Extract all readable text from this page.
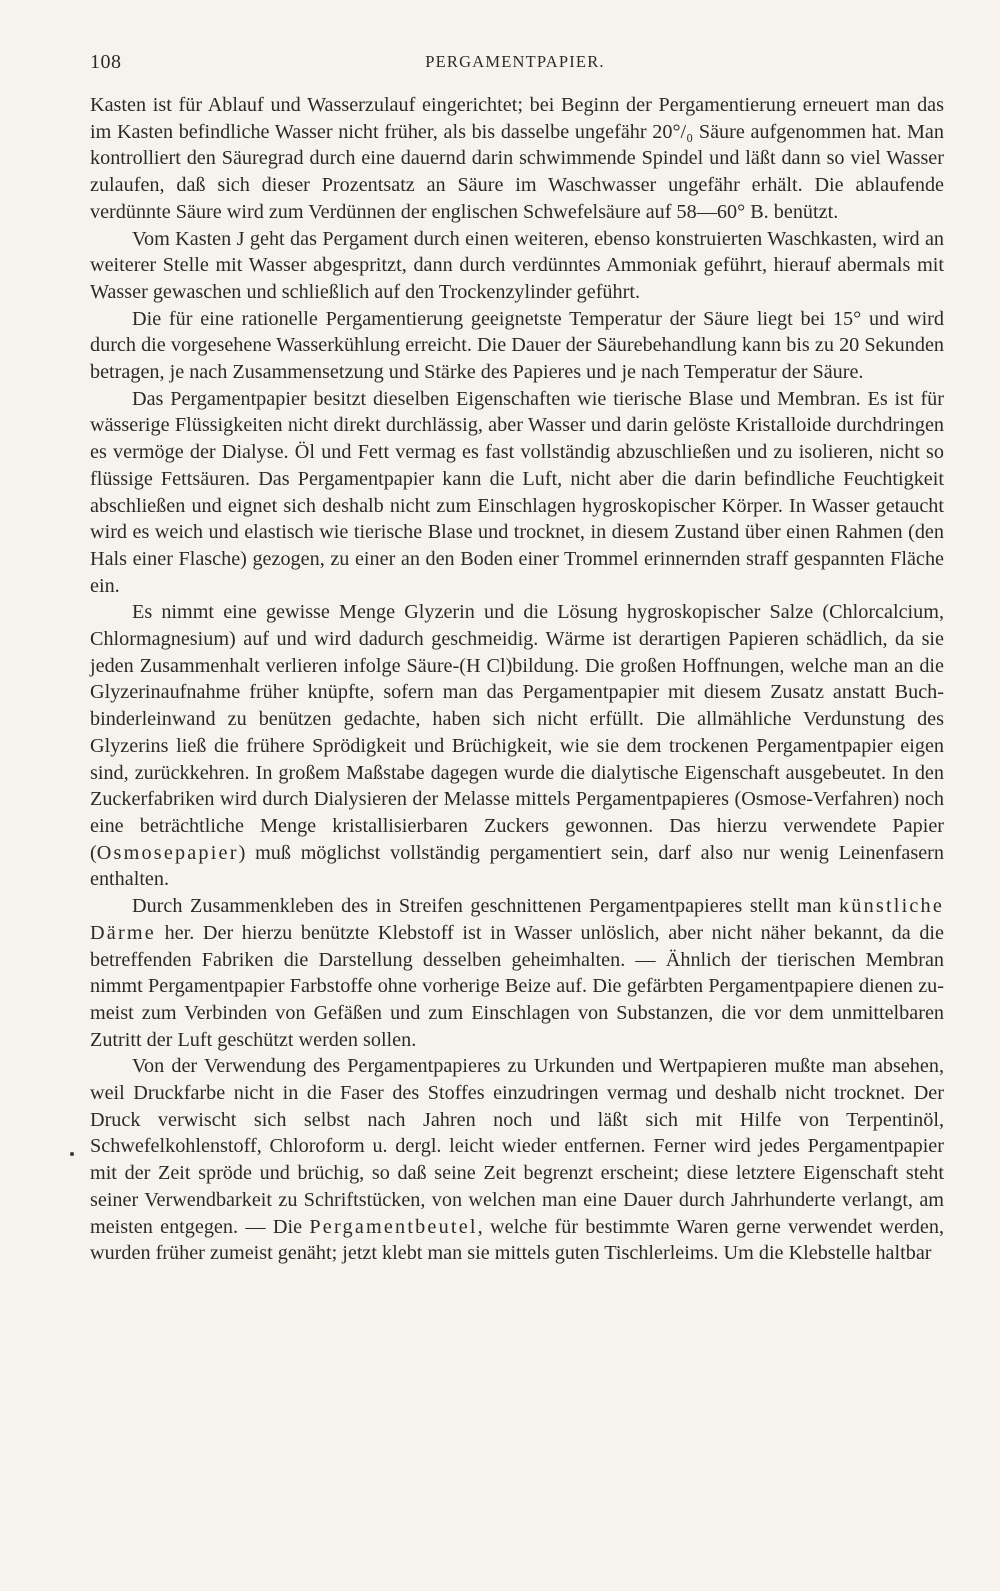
108	PERGAMENTPAPIER.

Kasten ist für Ablauf und Wasserzulauf eingerichtet; bei Beginn der Pergamentierung erneuert man das im Kasten befindliche Wasser nicht früher, als bis dasselbe ungefähr 20°/₀ Säure aufgenommen hat. Man kontrolliert den Säuregrad durch eine dauernd darin schwimmende Spindel und läßt dann so viel Wasser zulaufen, daß sich dieser Prozentsatz an Säure im Waschwasser ungefähr erhält. Die ablaufende verdünnte Säure wird zum Verdünnen der englischen Schwefelsäure auf 58—60° B. benützt.

Vom Kasten J geht das Pergament durch einen weiteren, ebenso konstruierten Waschkasten, wird an weiterer Stelle mit Wasser abgespritzt, dann durch verdünntes Ammoniak geführt, hierauf abermals mit Wasser gewaschen und schließlich auf den Trockenzylinder geführt.

Die für eine rationelle Pergamentierung geeignetste Temperatur der Säure liegt bei 15° und wird durch die vorgesehene Wasserkühlung erreicht. Die Dauer der Säurebehandlung kann bis zu 20 Sekunden betragen, je nach Zusammensetzung und Stärke des Papieres und je nach Temperatur der Säure.

Das Pergamentpapier besitzt dieselben Eigenschaften wie tierische Blase und Membran. Es ist für wässerige Flüssigkeiten nicht direkt durchlässig, aber Wasser und darin gelöste Kristalloide durchdringen es vermöge der Dialyse. Öl und Fett vermag es fast vollständig abzuschließen und zu isolieren, nicht so flüssige Fettsäuren. Das Pergamentpapier kann die Luft, nicht aber die darin befindliche Feuchtigkeit abschließen und eignet sich deshalb nicht zum Einschlagen hygroskopischer Körper. In Wasser getaucht wird es weich und elastisch wie tierische Blase und trocknet, in diesem Zustand über einen Rahmen (den Hals einer Flasche) gezogen, zu einer an den Boden einer Trommel erinnernden straff gespannten Fläche ein.

Es nimmt eine gewisse Menge Glyzerin und die Lösung hygroskopischer Salze (Chlorcalcium, Chlormagnesium) auf und wird dadurch geschmeidig. Wärme ist derartigen Papieren schädlich, da sie jeden Zusammenhalt verlieren infolge Säure-(H Cl)bildung. Die großen Hoffnungen, welche man an die Glyzerinaufnahme früher knüpfte, sofern man das Pergamentpapier mit diesem Zusatz anstatt Buchbinderleinwand zu benützen gedachte, haben sich nicht erfüllt. Die allmähliche Verdunstung des Glyzerins ließ die frühere Sprödigkeit und Brüchigkeit, wie sie dem trockenen Pergamentpapier eigen sind, zurückkehren. In großem Maßstabe dagegen wurde die dialytische Eigenschaft ausgebeutet. In den Zuckerfabriken wird durch Dialysieren der Melasse mittels Pergamentpapieres (Osmose-Verfahren) noch eine beträchtliche Menge kristallisierbaren Zuckers gewonnen. Das hierzu verwendete Papier (Osmosepapier) muß möglichst vollständig pergamentiert sein, darf also nur wenig Leinenfasern enthalten.

Durch Zusammenkleben des in Streifen geschnittenen Pergamentpapieres stellt man künstliche Därme her. Der hierzu benützte Klebstoff ist in Wasser unlöslich, aber nicht näher bekannt, da die betreffenden Fabriken die Darstellung desselben geheimhalten. — Ähnlich der tierischen Membran nimmt Pergamentpapier Farbstoffe ohne vorherige Beize auf. Die gefärbten Pergamentpapiere dienen zumeist zum Verbinden von Gefäßen und zum Einschlagen von Substanzen, die vor dem unmittelbaren Zutritt der Luft geschützt werden sollen.

Von der Verwendung des Pergamentpapieres zu Urkunden und Wertpapieren mußte man absehen, weil Druckfarbe nicht in die Faser des Stoffes einzudringen vermag und deshalb nicht trocknet. Der Druck verwischt sich selbst nach Jahren noch und läßt sich mit Hilfe von Terpentinöl, Schwefelkohlenstoff, Chloroform u. dergl. leicht wieder entfernen. Ferner wird jedes Pergamentpapier mit der Zeit spröde und brüchig, so daß seine Zeit begrenzt erscheint; diese letztere Eigenschaft steht seiner Verwendbarkeit zu Schriftstücken, von welchen man eine Dauer durch Jahrhunderte verlangt, am meisten entgegen. — Die Pergamentbeutel, welche für bestimmte Waren gerne verwendet werden, wurden früher zumeist genäht; jetzt klebt man sie mittels guten Tischlerleims. Um die Klebstelle haltbar
